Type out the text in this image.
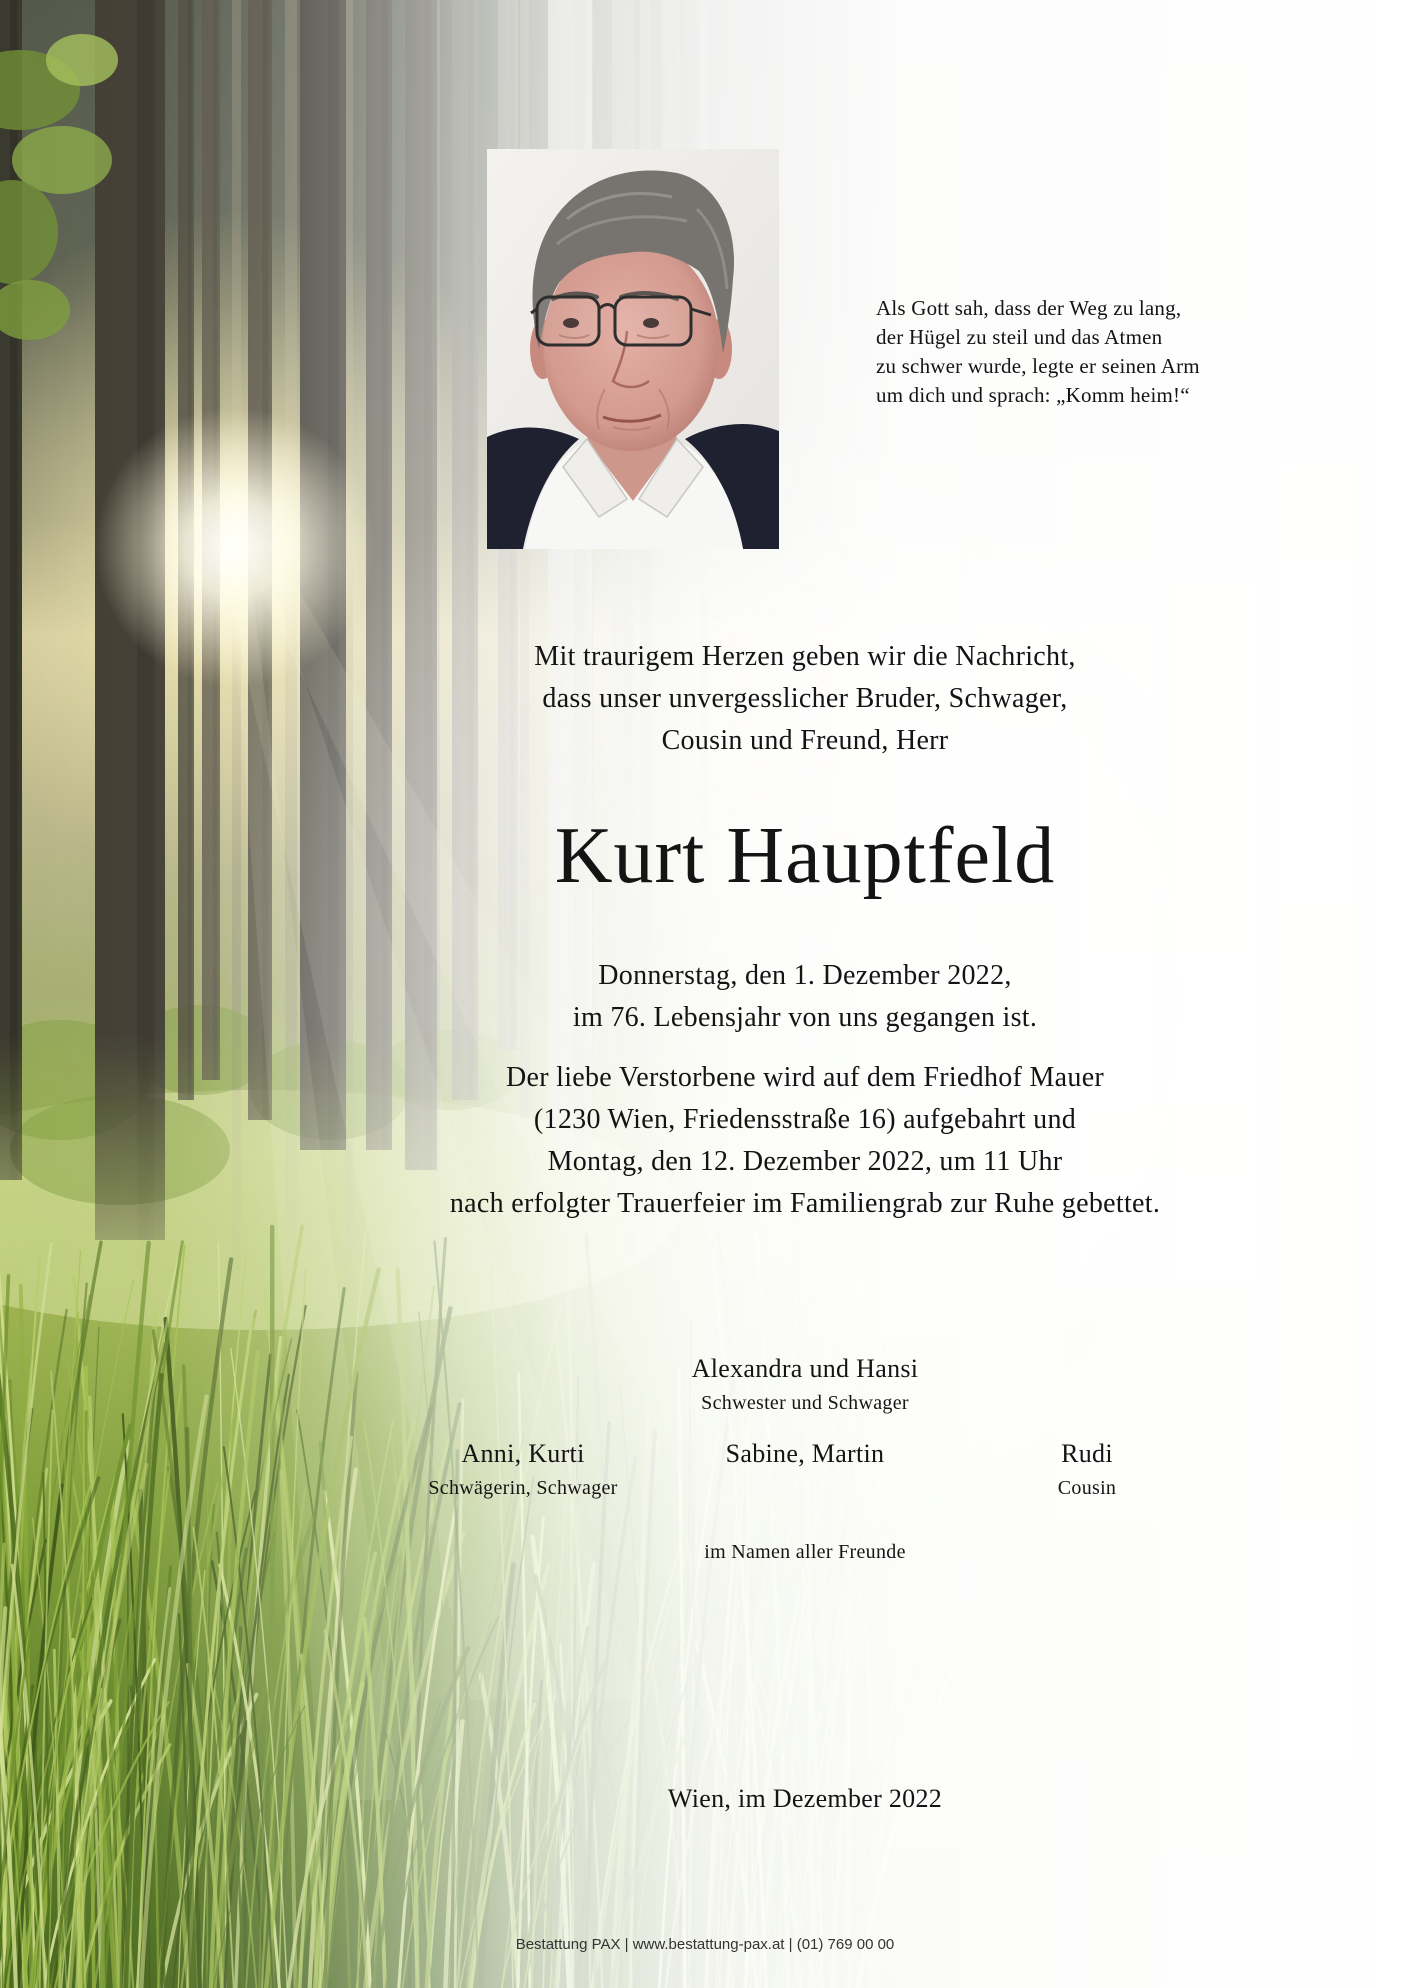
Als Gott sah, dass der Weg zu lang,
der Hügel zu steil und das Atmen
zu schwer wurde, legte er seinen Arm
um dich und sprach: „Komm heim!“
Mit traurigem Herzen geben wir die Nachricht,
dass unser unvergesslicher Bruder, Schwager,
Cousin und Freund, Herr
Kurt Hauptfeld
Donnerstag, den 1. Dezember 2022,
im 76. Lebensjahr von uns gegangen ist.
Der liebe Verstorbene wird auf dem Friedhof Mauer
(1230 Wien, Friedensstraße 16) aufgebahrt und
Montag, den 12. Dezember 2022, um 11 Uhr
nach erfolgter Trauerfeier im Familiengrab zur Ruhe gebettet.
Alexandra und Hansi
Schwester und Schwager
Anni, Kurti
Schwägerin, Schwager
Sabine, Martin	Rudi
Cousin
im Namen aller Freunde
Wien, im Dezember 2022
Bestattung PAX | www.bestattung-pax.at | (01) 769 00 00
